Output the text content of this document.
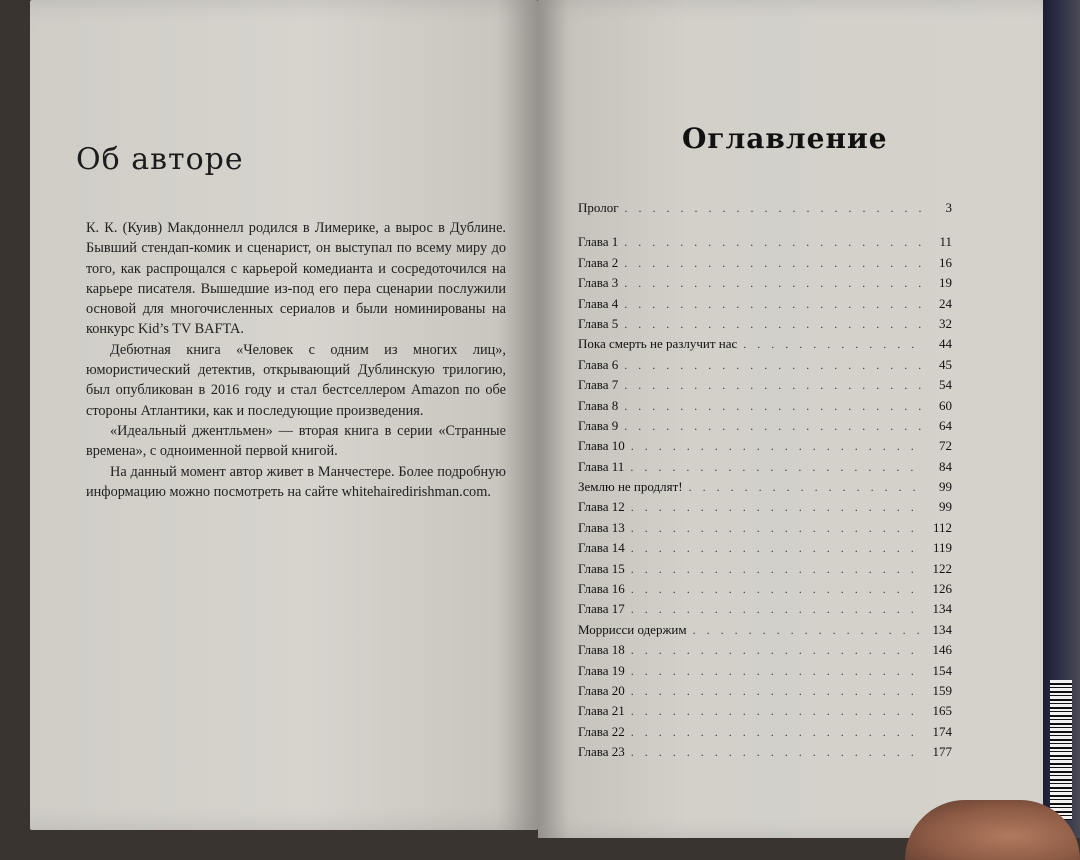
Об авторе

К. К. (Куив) Макдоннелл родился в Лимерике, а вырос в Дублине. Бывший стендап-комик и сценарист, он выступал по всему миру до того, как распрощался с карьерой комедианта и сосредоточился на карьере писателя. Вышедшие из-под его пера сценарии послужили основой для многочисленных сериалов и были номинированы на конкурс Kid’s TV BAFTA.

Дебютная книга «Человек с одним из многих лиц», юмористический детектив, открывающий Дублинскую трилогию, был опубликован в 2016 году и стал бестселлером Amazon по обе стороны Атлантики, как и последующие произведения.

«Идеальный джентльмен» — вторая книга в серии «Странные времена», с одноименной первой книгой.

На данный момент автор живет в Манчестере. Более подробную информацию можно посмотреть на сайте whitehairedirishman.com.

Оглавление
Пролог . . .	3
Глава 1 . . .	11
Глава 2 . . .	16
Глава 3 . . .	19
Глава 4 . . .	24
Глава 5 . . .	32
Пока смерть не разлучит нас . . .	44
Глава 6 . . .	45
Глава 7 . . .	54
Глава 8 . . .	60
Глава 9 . . .	64
Глава 10 . . .	72
Глава 11 . . .	84
Землю не продлят! . . .	99
Глава 12 . . .	99
Глава 13 . . .	112
Глава 14 . . .	119
Глава 15 . . .	122
Глава 16 . . .	126
Глава 17 . . .	134
Моррисси одержим . . .	134
Глава 18 . . .	146
Глава 19 . . .	154
Глава 20 . . .	159
Глава 21 . . .	165
Глава 22 . . .	174
Глава 23 . . .	177
